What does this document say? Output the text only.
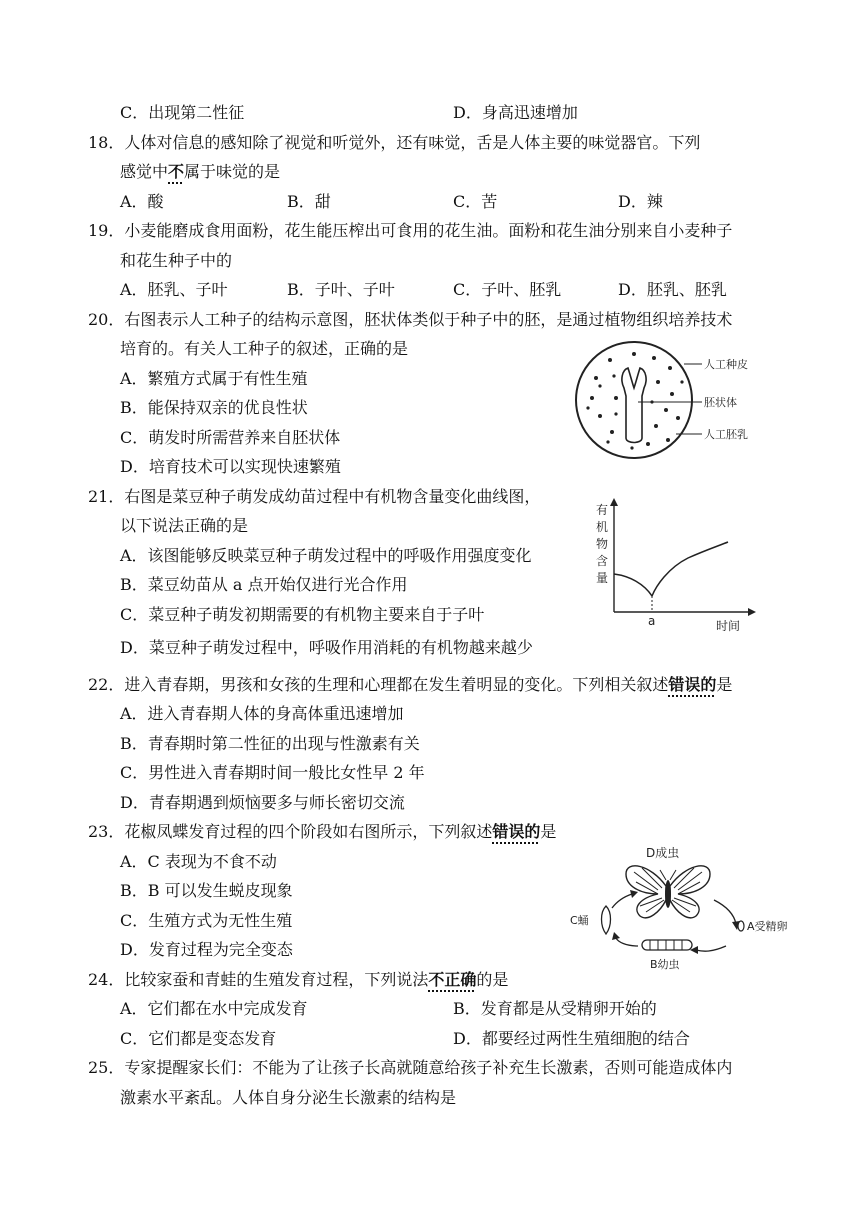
C．出现第二性征	D．身高迅速增加
18．人体对信息的感知除了视觉和听觉外，还有味觉，舌是人体主要的味觉器官。下列
感觉中不属于味觉的是
A．酸	B．甜	C．苦	D．辣
19．小麦能磨成食用面粉，花生能压榨出可食用的花生油。面粉和花生油分别来自小麦种子
和花生种子中的
A．胚乳、子叶	B．子叶、子叶	C．子叶、胚乳	D．胚乳、胚乳
20．右图表示人工种子的结构示意图，胚状体类似于种子中的胚，是通过植物组织培养技术
培育的。有关人工种子的叙述，正确的是
A．繁殖方式属于有性生殖
B．能保持双亲的优良性状
C．萌发时所需营养来自胚状体
D．培育技术可以实现快速繁殖
人工种皮
胚状体
人工胚乳
21．右图是菜豆种子萌发成幼苗过程中有机物含量变化曲线图，
以下说法正确的是
A．该图能够反映菜豆种子萌发过程中的呼吸作用强度变化
B．菜豆幼苗从 a 点开始仅进行光合作用
C．菜豆种子萌发初期需要的有机物主要来自于子叶
D．菜豆种子萌发过程中，呼吸作用消耗的有机物越来越少
有
机
物
含
量
a	时间
22．进入青春期，男孩和女孩的生理和心理都在发生着明显的变化。下列相关叙述错误的是
A．进入青春期人体的身高体重迅速增加
B．青春期时第二性征的出现与性激素有关
C．男性进入青春期时间一般比女性早 2 年
D．青春期遇到烦恼要多与师长密切交流
23．花椒凤蝶发育过程的四个阶段如右图所示，下列叙述错误的是
A．C 表现为不食不动
B．B 可以发生蜕皮现象
C．生殖方式为无性生殖
D．发育过程为完全变态
D成虫
A受精卵
B幼虫
C蛹
24．比较家蚕和青蛙的生殖发育过程，下列说法不正确的是
A．它们都在水中完成发育	B．发育都是从受精卵开始的
C．它们都是变态发育	D．都要经过两性生殖细胞的结合
25．专家提醒家长们：不能为了让孩子长高就随意给孩子补充生长激素，否则可能造成体内
激素水平紊乱。人体自身分泌生长激素的结构是
